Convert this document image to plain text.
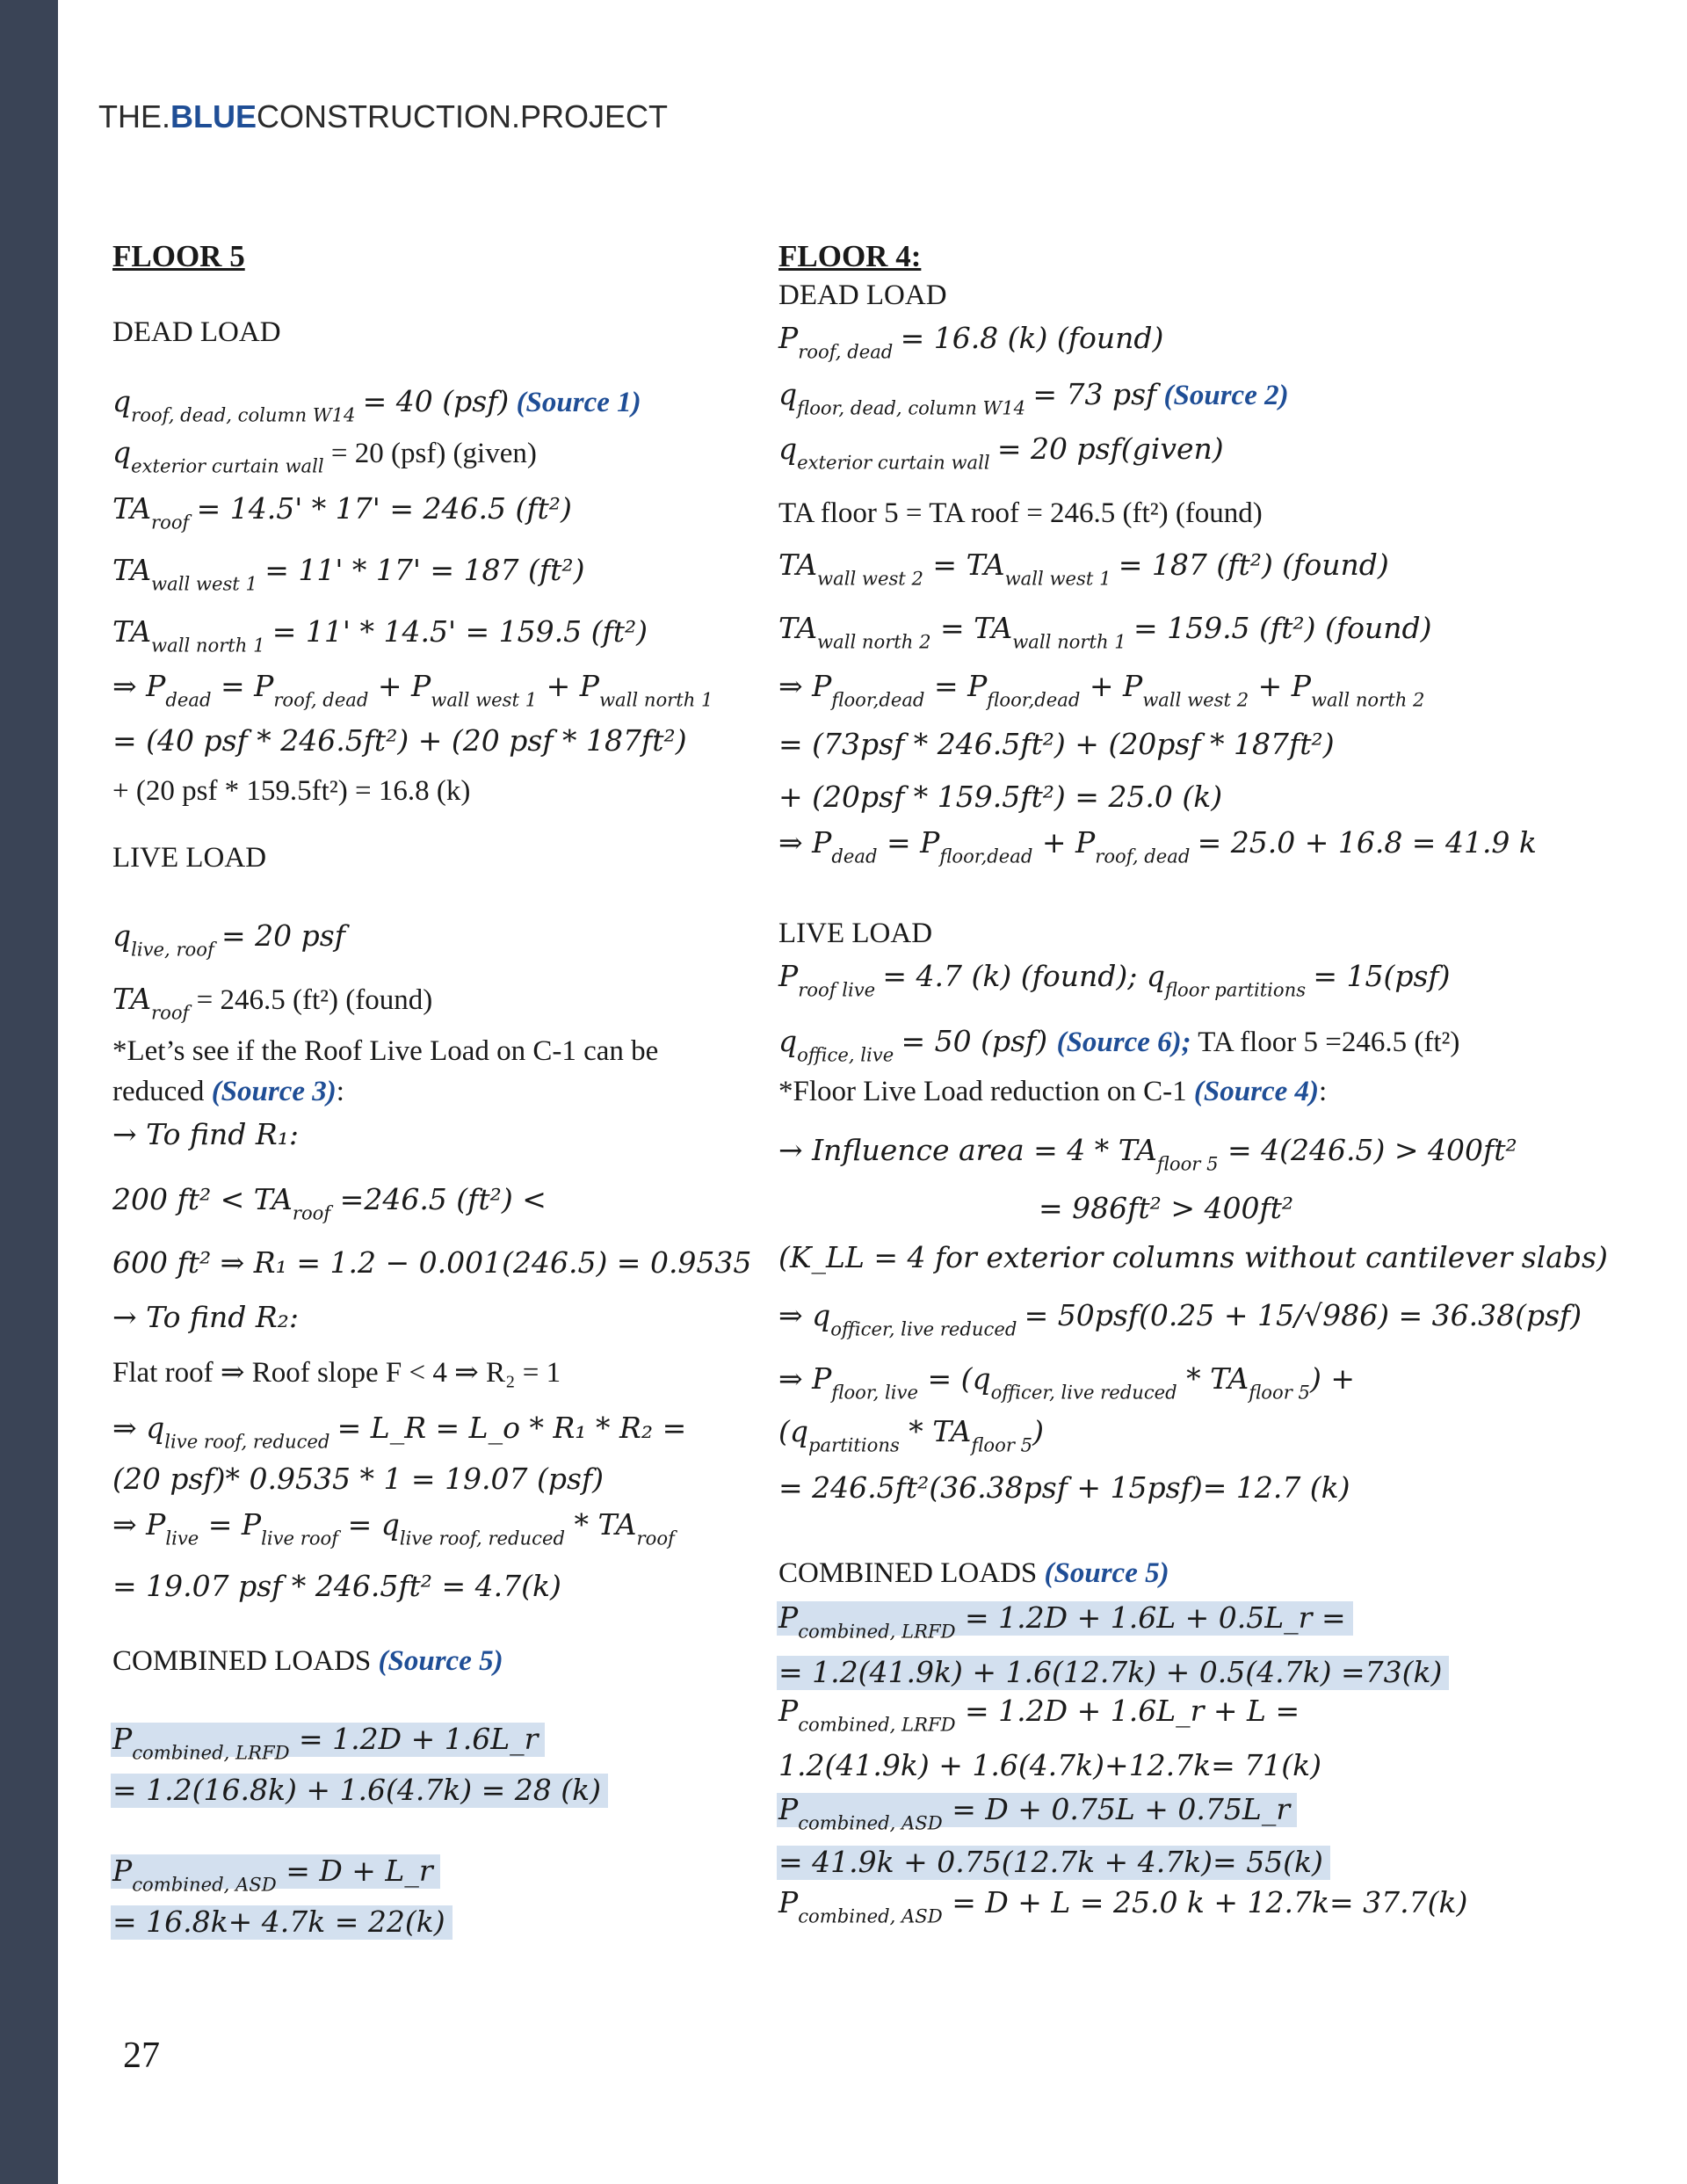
THE.BLUECONSTRUCTION.PROJECT
FLOOR 5
DEAD LOAD
$q_{roof, dead, column W14} = 40$ (psf) (Source 1)
$q_{exterior curtain wall} = 20$ (psf) (given)
$TA_{roof} = 14.5' * 17' = 246.5$ (ft²)
$TA_{wall west 1} = 11' * 17' = 187$ (ft²)
$TA_{wall north 1} = 11' * 14.5' = 159.5$ (ft²)
⇒ $P_{dead} = P_{roof, dead} + P_{wall west 1} + P_{wall north 1}$
= (40 psf * 246.5ft²) + (20 psf * 187ft²)
+ (20 psf * 159.5ft²) = 16.8 (k)
LIVE LOAD
$q_{live, roof} = 20$ psf
$TA_{roof} = 246.5$ (ft²) (found)
*Let’s see if the Roof Live Load on C-1 can be
reduced (Source 3):
→ To find R₁:
200 $ft^2 < TA_{roof} =246.5$ (ft²) <
600 ft² ⇒ R₁ = 1.2 − 0.001(246.5) = 0.9535
→ To find R₂:
Flat roof ⇒ Roof slope F < 4 ⇒ R₂ = 1
⇒ $q_{live roof, reduced}$ = L_R = L_o * R₁ * R₂ =
(20 psf)* 0.9535 * 1 = 19.07 (psf)
⇒ $P_{live} = P_{live roof} = q_{live roof, reduced} * TA_{roof}$
= 19.07 psf * 246.5ft² = 4.7(k)
COMBINED LOADS (Source 5)
$P_{combined, LRFD} = 1.2D$ + 1.6L_r
= 1.2(16.8k) + 1.6(4.7k) = 28 (k)
$P_{combined, ASD} = D$ + L_r
= 16.8k+ 4.7k = 22(k)
FLOOR 4:
DEAD LOAD
$P_{roof, dead} = 16.8$ (k) (found)
$q_{floor, dead, column W14} = 73$ psf (Source 2)
$q_{exterior curtain wall} = 20$ psf(given)
TA floor 5 = TA roof = 246.5 (ft²) (found)
$TA_{wall west 2} = TA_{wall west 1} = 187$ (ft²) (found)
$TA_{wall north 2} = TA_{wall north 1} = 159.5$ (ft²) (found)
⇒ $P_{floor,dead} = P_{floor,dead} + P_{wall west 2} + P_{wall north 2}$
= (73psf * 246.5ft²) + (20psf * 187ft²)
+ (20psf * 159.5ft²) = 25.0 (k)
⇒ $P_{dead} = P_{floor,dead} + P_{roof, dead} = 25.0 + 16.8 = 41.9$ k
LIVE LOAD
$P_{roof live} = 4.7$ (k) (found); $q_{floor partitions} = 15(psf)$
$q_{office, live} = 50$ (psf) (Source 6); TA floor 5 =246.5 (ft²)
*Floor Live Load reduction on C-1 (Source 4):
→ Influence area = $4 * TA_{floor 5} = 4(246.5) > 400ft^2$
= 986ft² > 400ft²
(K_LL = 4 for exterior columns without cantilever slabs)
⇒ $q_{officer, live reduced} = 50psf(0.25 + 15/√986) = 36.38(psf)$
⇒ $P_{floor, live} = (q_{officer, live reduced} * TA_{floor 5})$ +
$(q_{partitions} * TA_{floor 5})$
= 246.5ft²(36.38psf + 15psf)= 12.7 (k)
COMBINED LOADS (Source 5)
$P_{combined, LRFD} = 1.2D + 1.6L$ + 0.5L_r =
= 1.2(41.9k) + 1.6(12.7k) + 0.5(4.7k) =73(k)
$P_{combined, LRFD} = 1.2D$ + 1.6L_r + L =
1.2(41.9k) + 1.6(4.7k)+12.7k= 71(k)
$P_{combined, ASD} = D + 0.75L$ + 0.75L_r
= 41.9k + 0.75(12.7k + 4.7k)= 55(k)
$P_{combined, ASD} = D + L = 25.0$ k + 12.7k= 37.7(k)
27
